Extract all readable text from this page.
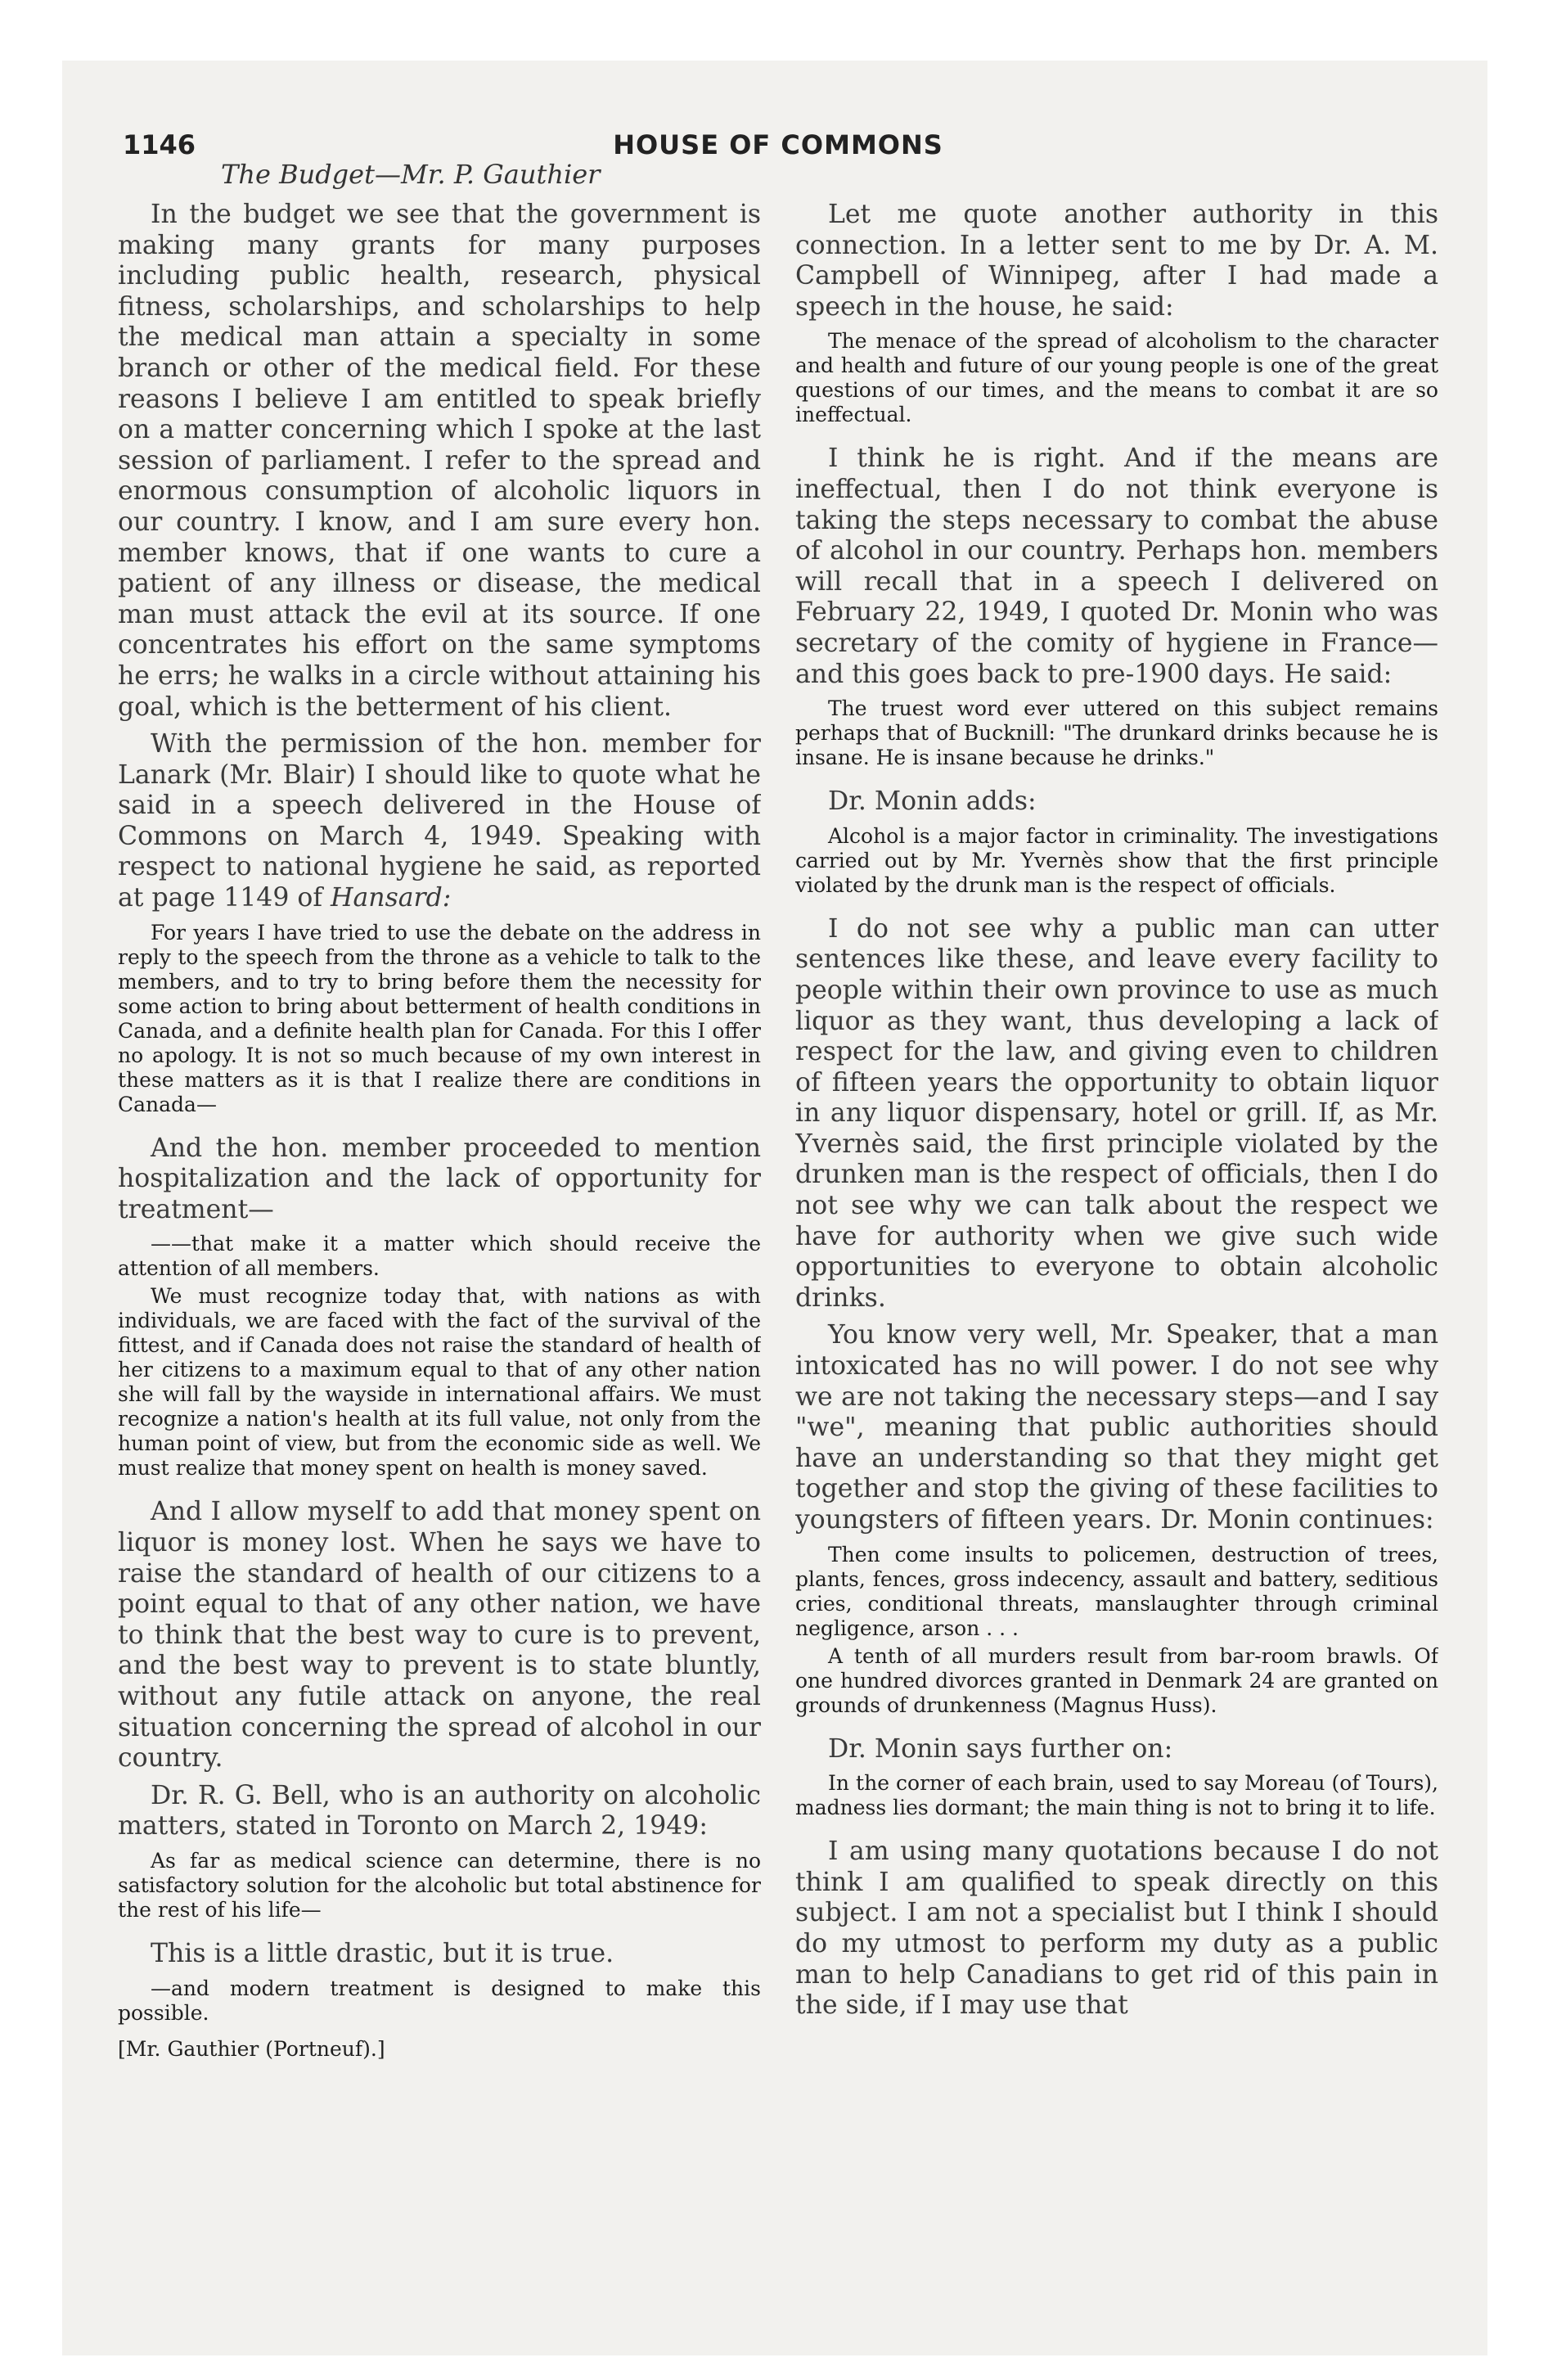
1146	HOUSE OF COMMONS
The Budget—Mr. P. Gauthier

In the budget we see that the government is making many grants for many purposes including public health, research, physical fitness, scholarships, and scholarships to help the medical man attain a specialty in some branch or other of the medical field. For these reasons I believe I am entitled to speak briefly on a matter concerning which I spoke at the last session of parliament. I refer to the spread and enormous consumption of alcoholic liquors in our country. I know, and I am sure every hon. member knows, that if one wants to cure a patient of any illness or disease, the medical man must attack the evil at its source. If one concentrates his effort on the same symptoms he errs; he walks in a circle without attaining his goal, which is the betterment of his client.

With the permission of the hon. member for Lanark (Mr. Blair) I should like to quote what he said in a speech delivered in the House of Commons on March 4, 1949. Speaking with respect to national hygiene he said, as reported at page 1149 of Hansard:

For years I have tried to use the debate on the address in reply to the speech from the throne as a vehicle to talk to the members, and to try to bring before them the necessity for some action to bring about betterment of health conditions in Canada, and a definite health plan for Canada. For this I offer no apology. It is not so much because of my own interest in these matters as it is that I realize there are conditions in Canada—

And the hon. member proceeded to mention hospitalization and the lack of opportunity for treatment—

——that make it a matter which should receive the attention of all members.

We must recognize today that, with nations as with individuals, we are faced with the fact of the survival of the fittest, and if Canada does not raise the standard of health of her citizens to a maximum equal to that of any other nation she will fall by the wayside in international affairs. We must recognize a nation's health at its full value, not only from the human point of view, but from the economic side as well. We must realize that money spent on health is money saved.

And I allow myself to add that money spent on liquor is money lost. When he says we have to raise the standard of health of our citizens to a point equal to that of any other nation, we have to think that the best way to cure is to prevent, and the best way to prevent is to state bluntly, without any futile attack on anyone, the real situation concerning the spread of alcohol in our country.

Dr. R. G. Bell, who is an authority on alcoholic matters, stated in Toronto on March 2, 1949:

As far as medical science can determine, there is no satisfactory solution for the alcoholic but total abstinence for the rest of his life—

This is a little drastic, but it is true.

—and modern treatment is designed to make this possible.

[Mr. Gauthier (Portneuf).]

Let me quote another authority in this connection. In a letter sent to me by Dr. A. M. Campbell of Winnipeg, after I had made a speech in the house, he said:

The menace of the spread of alcoholism to the character and health and future of our young people is one of the great questions of our times, and the means to combat it are so ineffectual.

I think he is right. And if the means are ineffectual, then I do not think everyone is taking the steps necessary to combat the abuse of alcohol in our country. Perhaps hon. members will recall that in a speech I delivered on February 22, 1949, I quoted Dr. Monin who was secretary of the comity of hygiene in France—and this goes back to pre-1900 days. He said:

The truest word ever uttered on this subject remains perhaps that of Bucknill: "The drunkard drinks because he is insane. He is insane because he drinks."

Dr. Monin adds:

Alcohol is a major factor in criminality. The investigations carried out by Mr. Yvernès show that the first principle violated by the drunk man is the respect of officials.

I do not see why a public man can utter sentences like these, and leave every facility to people within their own province to use as much liquor as they want, thus developing a lack of respect for the law, and giving even to children of fifteen years the opportunity to obtain liquor in any liquor dispensary, hotel or grill. If, as Mr. Yvernès said, the first principle violated by the drunken man is the respect of officials, then I do not see why we can talk about the respect we have for authority when we give such wide opportunities to everyone to obtain alcoholic drinks.

You know very well, Mr. Speaker, that a man intoxicated has no will power. I do not see why we are not taking the necessary steps—and I say "we", meaning that public authorities should have an understanding so that they might get together and stop the giving of these facilities to youngsters of fifteen years. Dr. Monin continues:

Then come insults to policemen, destruction of trees, plants, fences, gross indecency, assault and battery, seditious cries, conditional threats, manslaughter through criminal negligence, arson . . .

A tenth of all murders result from bar-room brawls. Of one hundred divorces granted in Denmark 24 are granted on grounds of drunkenness (Magnus Huss).

Dr. Monin says further on:

In the corner of each brain, used to say Moreau (of Tours), madness lies dormant; the main thing is not to bring it to life.

I am using many quotations because I do not think I am qualified to speak directly on this subject. I am not a specialist but I think I should do my utmost to perform my duty as a public man to help Canadians to get rid of this pain in the side, if I may use that
